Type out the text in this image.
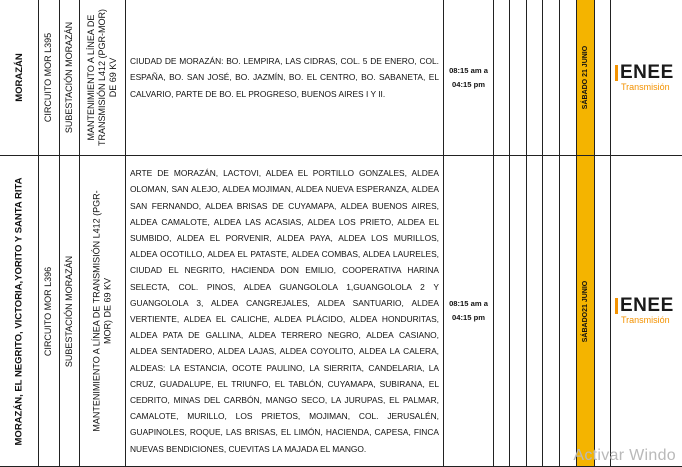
MORAZÁN CIRCUITO MOR L395 SUBESTACIÓN MORAZÁN MANTENIMIENTO A LÍNEA DE TRANSMISIÓN L412 (PGR-MOR) DE 69 KV CIUDAD DE MORAZÁN: BO. LEMPIRA, LAS CIDRAS, COL. 5 DE ENERO, COL. ESPAÑA, BO. SAN JOSÉ, BO. JAZMÍN, BO. EL CENTRO, BO. SABANETA, EL CALVARIO, PARTE DE BO. EL PROGRESO, BUENOS AIRES I Y II.
08:15 am a
04:15 pm	SÁBADO 21 JUNIO ENEE
Transmisión
MORAZÁN, EL NEGRITO, VICTORIA,YORITO Y SANTA RITA CIRCUITO MOR L396 SUBESTACIÓN MORAZÁN MANTENIMIENTO A LÍNEA DE TRANSMISIÓN L412 (PGR- MOR) DE 69 KV
ARTE DE MORAZÁN, LACTOVI, ALDEA EL PORTILLO GONZALES, ALDEA OLOMAN, SAN ALEJO, ALDEA MOJIMAN, ALDEA NUEVA ESPERANZA, ALDEA SAN FERNANDO, ALDEA BRISAS DE CUYAMAPA, ALDEA BUENOS AIRES, ALDEA CAMALOTE, ALDEA LAS ACASIAS, ALDEA LOS PRIETO, ALDEA EL SUMBIDO, ALDEA EL PORVENIR, ALDEA PAYA, ALDEA LOS MURILLOS, ALDEA OCOTILLO, ALDEA EL PATASTE, ALDEA COMBAS, ALDEA LAURELES, CIUDAD EL NEGRITO, HACIENDA DON EMILIO, COOPERATIVA HARINA SELECTA, COL. PINOS, ALDEA GUANGOLOLA 1,GUANGOLOLA 2 Y GUANGOLOLA 3, ALDEA CANGREJALES, ALDEA SANTUARIO, ALDEA VERTIENTE, ALDEA EL CALICHE, ALDEA PLÁCIDO, ALDEA HONDURITAS, ALDEA PATA DE GALLINA, ALDEA TERRERO NEGRO, ALDEA CASIANO, ALDEA SENTADERO, ALDEA LAJAS, ALDEA COYOLITO, ALDEA LA CALERA, ALDEAS: LA ESTANCIA, OCOTE PAULINO, LA SIERRITA, CANDELARIA, LA CRUZ, GUADALUPE, EL TRIUNFO, EL TABLÓN, CUYAMAPA, SUBIRANA, EL CEDRITO, MINAS DEL CARBÓN, MANGO SECO, LA JURUPAS, EL PALMAR, CAMALOTE, MURILLO, LOS PRIETOS, MOJIMAN, COL. JERUSALÉN, GUAPINOLES, ROQUE, LAS BRISAS, EL LIMÓN, HACIENDA, CAPESA, FINCA NUEVAS BENDICIONES, CUEVITAS LA MAJADA EL MANGO.
08:15 am a
04:15 pm	SÁBADO21 JUNIO ENEE
Transmisión
Activar Windo
